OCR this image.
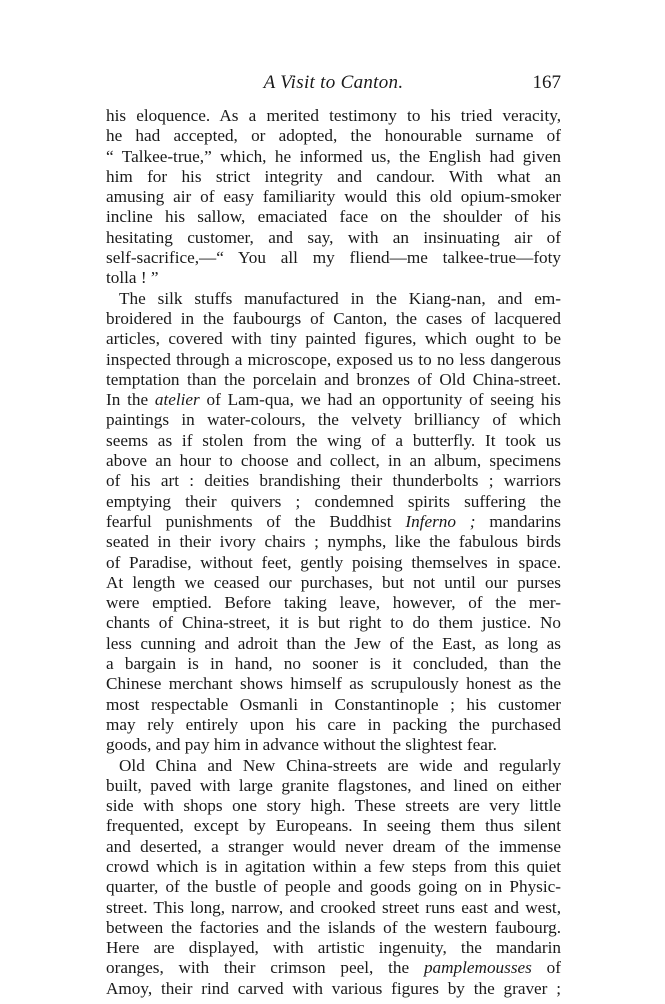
A Visit to Canton.	167
his eloquence. As a merited testimony to his tried veracity,
he had accepted, or adopted, the honourable surname of
“ Talkee-true,” which, he informed us, the English had given
him for his strict integrity and candour. With what an
amusing air of easy familiarity would this old opium-smoker
incline his sallow, emaciated face on the shoulder of his
hesitating customer, and say, with an insinuating air of
self-sacrifice,—“ You all my fliend—me talkee-true—foty
tolla ! ”
The silk stuffs manufactured in the Kiang-nan, and em-
broidered in the faubourgs of Canton, the cases of lacquered
articles, covered with tiny painted figures, which ought to be
inspected through a microscope, exposed us to no less dangerous
temptation than the porcelain and bronzes of Old China-street.
In the atelier of Lam-qua, we had an opportunity of seeing his
paintings in water-colours, the velvety brilliancy of which
seems as if stolen from the wing of a butterfly. It took us
above an hour to choose and collect, in an album, specimens
of his art : deities brandishing their thunderbolts ; warriors
emptying their quivers ; condemned spirits suffering the
fearful punishments of the Buddhist Inferno ; mandarins
seated in their ivory chairs ; nymphs, like the fabulous birds
of Paradise, without feet, gently poising themselves in space.
At length we ceased our purchases, but not until our purses
were emptied. Before taking leave, however, of the mer-
chants of China-street, it is but right to do them justice. No
less cunning and adroit than the Jew of the East, as long as
a bargain is in hand, no sooner is it concluded, than the
Chinese merchant shows himself as scrupulously honest as the
most respectable Osmanli in Constantinople ; his customer
may rely entirely upon his care in packing the purchased
goods, and pay him in advance without the slightest fear.
Old China and New China-streets are wide and regularly
built, paved with large granite flagstones, and lined on either
side with shops one story high. These streets are very little
frequented, except by Europeans. In seeing them thus silent
and deserted, a stranger would never dream of the immense
crowd which is in agitation within a few steps from this quiet
quarter, of the bustle of people and goods going on in Physic-
street. This long, narrow, and crooked street runs east and west,
between the factories and the islands of the western faubourg.
Here are displayed, with artistic ingenuity, the mandarin
oranges, with their crimson peel, the pamplemousses of
Amoy, their rind carved with various figures by the graver ;
